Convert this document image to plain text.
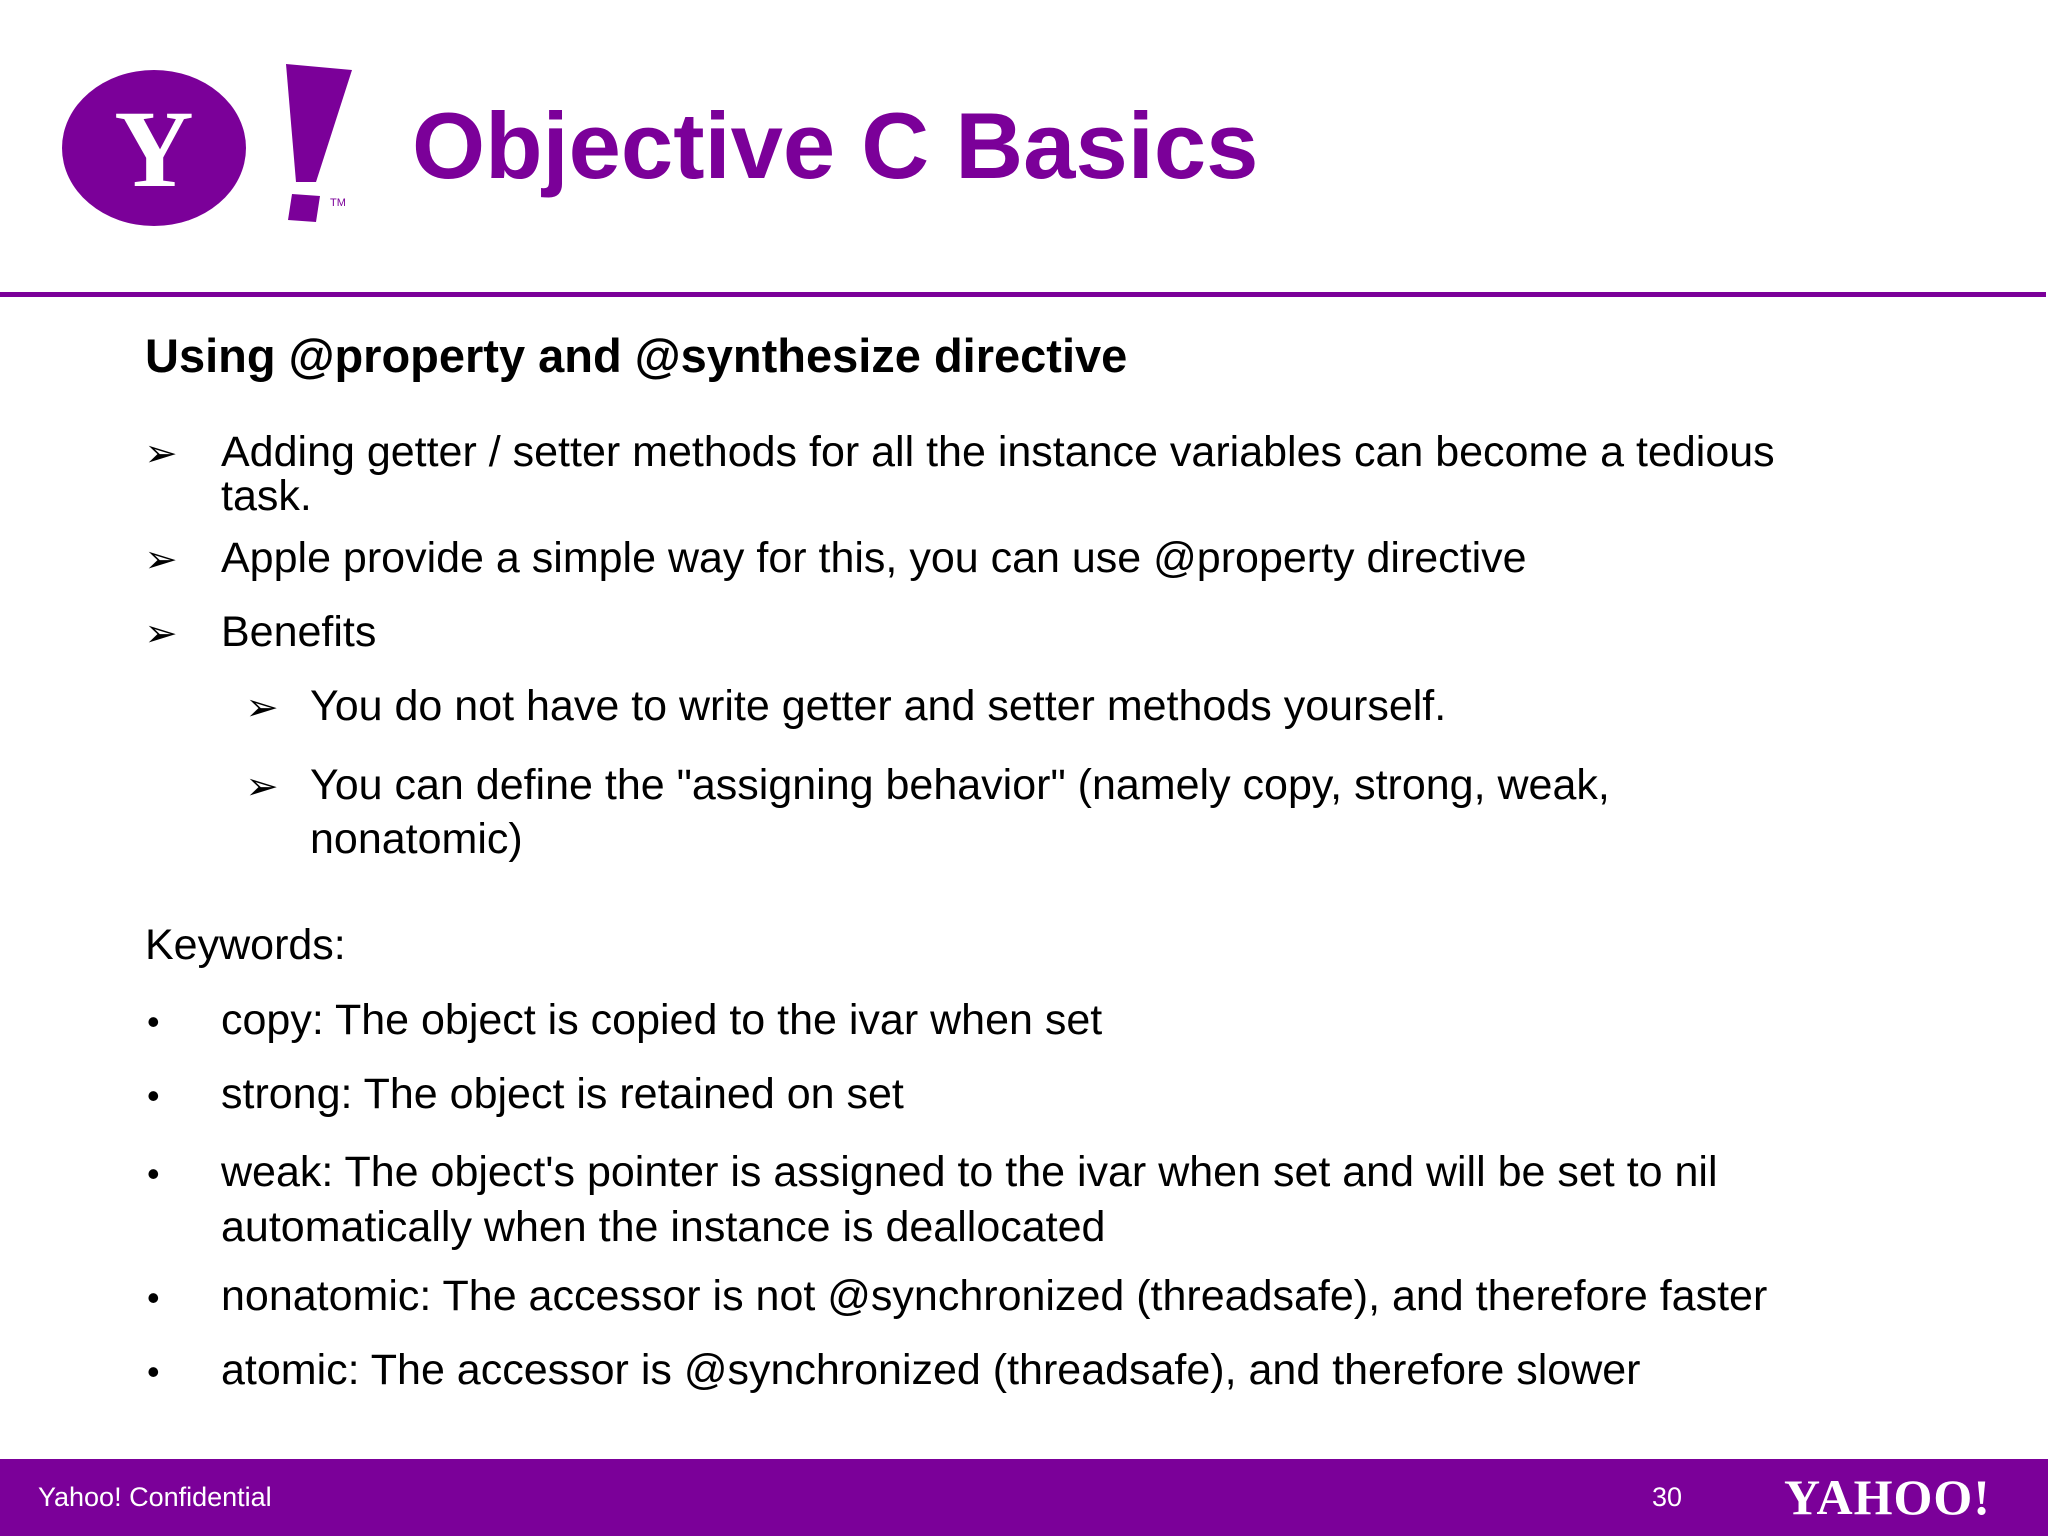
Y	TM
Objective C Basics
Using @property and @synthesize directive
➢	Adding getter / setter methods for all the instance variables can become a tedious
task.
➢	Apple provide a simple way for this, you can use @property directive
➢	Benefits
➢ You do not have to write getter and setter methods yourself.
➢ You can define the "assigning behavior" (namely copy, strong, weak,
nonatomic)
Keywords:
•	copy: The object is copied to the ivar when set
•	strong: The object is retained on set
•	weak: The object's pointer is assigned to the ivar when set and will be set to nil
automatically when the instance is deallocated
•	nonatomic: The accessor is not @synchronized (threadsafe), and therefore faster
•	atomic: The accessor is @synchronized (threadsafe), and therefore slower
Yahoo! Confidential	30 YAHOO!
